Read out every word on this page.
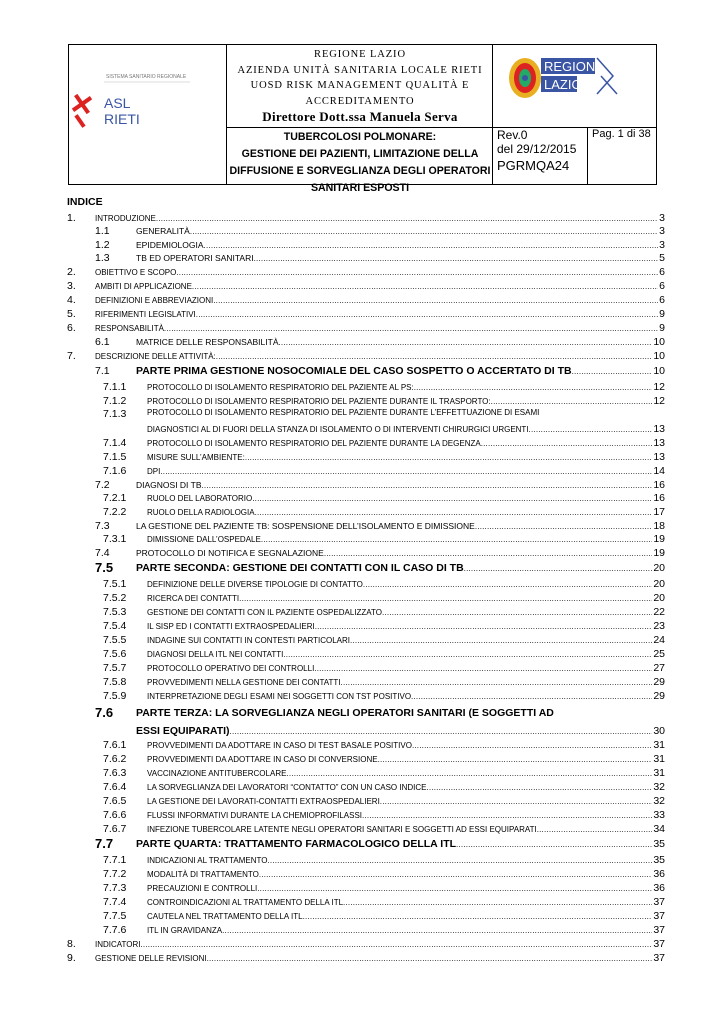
SISTEMA SANITARIO REGIONALE
ASL
RIETI
REGIONE
LAZIO
REGIONE LAZIO
AZIENDA UNITÀ SANITARIA LOCALE RIETI
UOSD RISK MANAGEMENT QUALITÀ E
ACCREDITAMENTO
Direttore Dott.ssa Manuela Serva
TUBERCOLOSI POLMONARE:
GESTIONE DEI PAZIENTI, LIMITAZIONE DELLA
DIFFUSIONE E SORVEGLIANZA DEGLI OPERATORI
SANITARI ESPOSTI
Rev.0
del 29/12/2015
Pag. 1 di 38
PGRMQA24
INDICE
1. INTRODUZIONE .....	3
1.1	GENERALITÀ .....	3
1.2	EPIDEMIOLOGIA .....	3
1.3	TB ED OPERATORI SANITARI .....	5
2. OBIETTIVO E SCOPO .....	6
3. AMBITI DI APPLICAZIONE .....	6
4. DEFINIZIONI E ABBREVIAZIONI .....	6
5. RIFERIMENTI LEGISLATIVI .....	9
6. RESPONSABILITÀ .....	9
6.1	MATRICE DELLE RESPONSABILITÀ .....	10
7. DESCRIZIONE DELLE ATTIVITÀ: .....	10
7.1	PARTE PRIMA GESTIONE NOSOCOMIALE DEL CASO SOSPETTO O ACCERTATO DI TB .....	10
7.1.1	PROTOCOLLO DI ISOLAMENTO RESPIRATORIO DEL PAZIENTE AL PS: .....	12
7.1.2	PROTOCOLLO DI ISOLAMENTO RESPIRATORIO DEL PAZIENTE DURANTE IL TRASPORTO: .....	12
7.1.3	PROTOCOLLO DI ISOLAMENTO RESPIRATORIO DEL PAZIENTE DURANTE L’EFFETTUAZIONE DI ESAMI
DIAGNOSTICI AL DI FUORI DELLA STANZA DI ISOLAMENTO O DI INTERVENTI CHIRURGICI URGENTI .....	13
7.1.4	PROTOCOLLO DI ISOLAMENTO RESPIRATORIO DEL PAZIENTE DURANTE LA DEGENZA .....	13
7.1.5	MISURE SULL’AMBIENTE: .....	13
7.1.6	DPI .....	14
7.2	DIAGNOSI DI TB .....	16
7.2.1	RUOLO DEL LABORATORIO .....	16
7.2.2	RUOLO DELLA RADIOLOGIA .....	17
7.3	LA GESTIONE DEL PAZIENTE TB: SOSPENSIONE DELL’ISOLAMENTO E DIMISSIONE .....	18
7.3.1	DIMISSIONE DALL’OSPEDALE .....	19
7.4	PROTOCOLLO DI NOTIFICA E SEGNALAZIONE .....	19
7.5 PARTE SECONDA: GESTIONE DEI CONTATTI CON IL CASO DI TB .....	20
7.5.1	DEFINIZIONE DELLE DIVERSE TIPOLOGIE DI CONTATTO .....	20
7.5.2	RICERCA DEI CONTATTI .....	20
7.5.3	GESTIONE DEI CONTATTI CON IL PAZIENTE OSPEDALIZZATO .....	22
7.5.4	IL SISP ED I CONTATTI EXTRAOSPEDALIERI .....	23
7.5.5	INDAGINE SUI CONTATTI IN CONTESTI PARTICOLARI .....	24
7.5.6	DIAGNOSI DELLA ITL NEI CONTATTI .....	25
7.5.7	PROTOCOLLO OPERATIVO DEI CONTROLLI .....	27
7.5.8	PROVVEDIMENTI NELLA GESTIONE DEI CONTATTI .....	29
7.5.9	INTERPRETAZIONE DEGLI ESAMI NEI SOGGETTI CON TST POSITIVO .....	29
7.6 PARTE TERZA: LA SORVEGLIANZA NEGLI OPERATORI SANITARI (E SOGGETTI AD
ESSI EQUIPARATI) .....	30
7.6.1	PROVVEDIMENTI DA ADOTTARE IN CASO DI TEST BASALE POSITIVO .....	31
7.6.2	PROVVEDIMENTI DA ADOTTARE IN CASO DI CONVERSIONE .....	31
7.6.3	VACCINAZIONE ANTITUBERCOLARE .....	31
7.6.4	LA SORVEGLIANZA DEI LAVORATORI “CONTATTO” CON UN CASO INDICE .....	32
7.6.5	LA GESTIONE DEI LAVORATI-CONTATTI EXTRAOSPEDALIERI .....	32
7.6.6	FLUSSI INFORMATIVI DURANTE LA CHEMIOPROFILASSI .....	33
7.6.7	INFEZIONE TUBERCOLARE LATENTE NEGLI OPERATORI SANITARI E SOGGETTI AD ESSI EQUIPARATI .....	34
7.7 PARTE QUARTA: TRATTAMENTO FARMACOLOGICO DELLA ITL .....	35
7.7.1	INDICAZIONI AL TRATTAMENTO .....	35
7.7.2	MODALITÀ DI TRATTAMENTO .....	36
7.7.3	PRECAUZIONI E CONTROLLI .....	36
7.7.4	CONTROINDICAZIONI AL TRATTAMENTO DELLA ITL .....	37
7.7.5	CAUTELA NEL TRATTAMENTO DELLA ITL .....	37
7.7.6	ITL IN GRAVIDANZA .....	37
8. INDICATORI .....	37
9. GESTIONE DELLE REVISIONI .....	37
